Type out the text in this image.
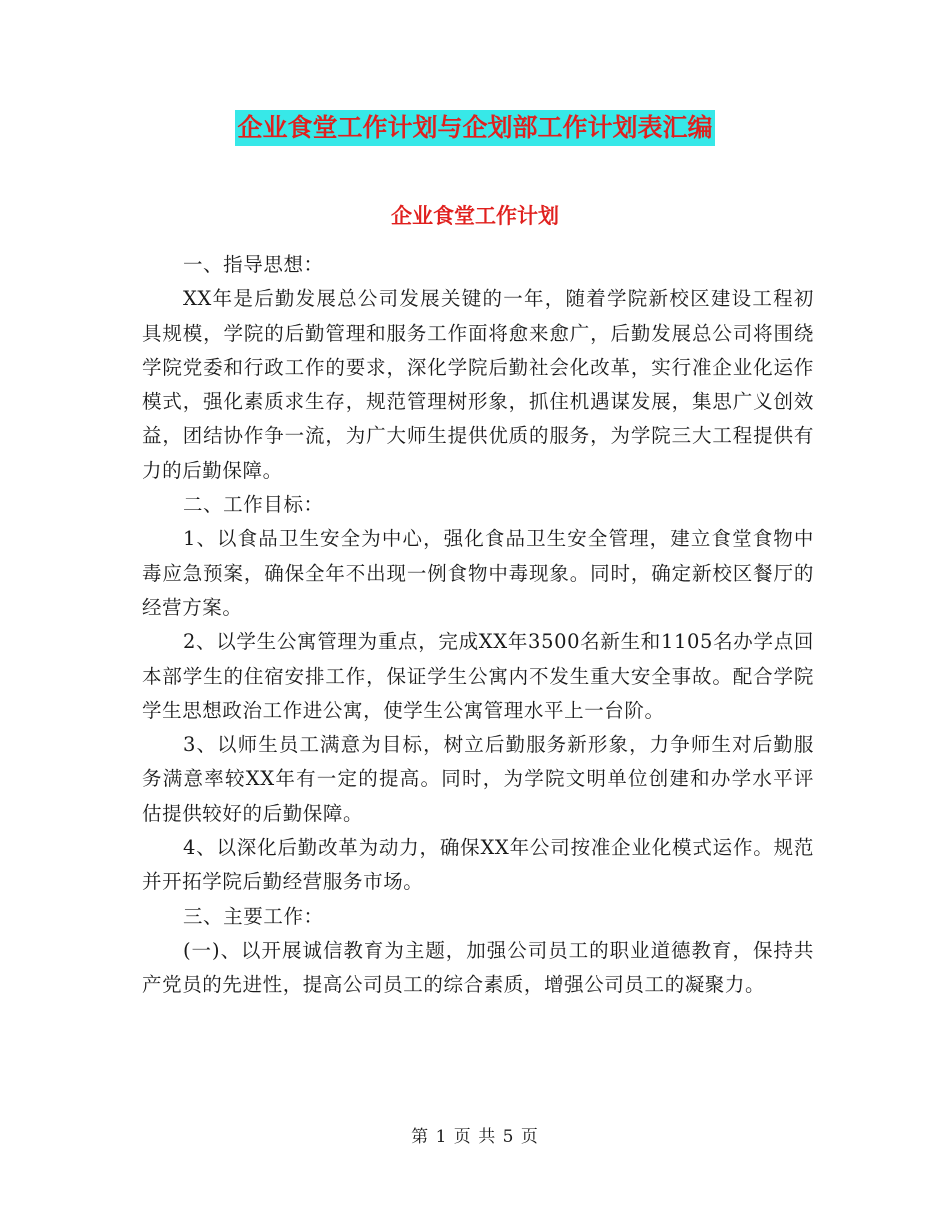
企业食堂工作计划与企划部工作计划表汇编
企业食堂工作计划

一、指导思想：

XX年是后勤发展总公司发展关键的一年，随着学院新校区建设工程初具规模，学院的后勤管理和服务工作面将愈来愈广，后勤发展总公司将围绕学院党委和行政工作的要求，深化学院后勤社会化改革，实行准企业化运作模式，强化素质求生存，规范管理树形象，抓住机遇谋发展，集思广义创效益，团结协作争一流，为广大师生提供优质的服务，为学院三大工程提供有力的后勤保障。

二、工作目标：

1、以食品卫生安全为中心，强化食品卫生安全管理，建立食堂食物中毒应急预案，确保全年不出现一例食物中毒现象。同时，确定新校区餐厅的经营方案。

2、以学生公寓管理为重点，完成XX年3500名新生和1105名办学点回本部学生的住宿安排工作，保证学生公寓内不发生重大安全事故。配合学院学生思想政治工作进公寓，使学生公寓管理水平上一台阶。

3、以师生员工满意为目标，树立后勤服务新形象，力争师生对后勤服务满意率较XX年有一定的提高。同时，为学院文明单位创建和办学水平评估提供较好的后勤保障。

4、以深化后勤改革为动力，确保XX年公司按准企业化模式运作。规范并开拓学院后勤经营服务市场。

三、主要工作：

(一)、以开展诚信教育为主题，加强公司员工的职业道德教育，保持共产党员的先进性，提高公司员工的综合素质，增强公司员工的凝聚力。

第 1 页 共 5 页
